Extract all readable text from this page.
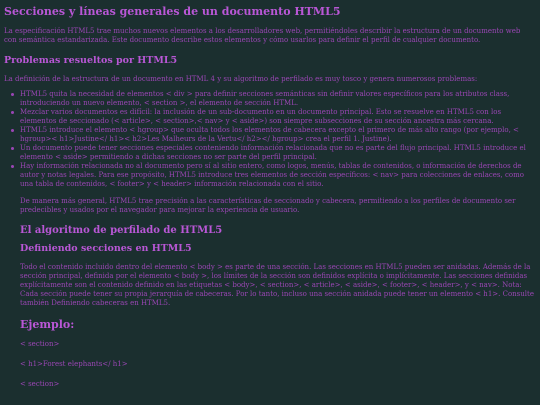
Secciones y líneas generales de un documento HTML5

La especificación HTML5 trae muchos nuevos elementos a los desarrolladores web, permitiéndoles describir la estructura de un documento web con semántica estandarizada. Este documento describe estos elementos y cómo usarlos para definir el perfil de cualquier documento.

Problemas resueltos por HTML5

La definición de la estructura de un documento en HTML 4 y su algoritmo de perfilado es muy tosco y genera numerosos problemas:

HTML5 quita la necesidad de elementos < div > para definir secciones semánticas sin definir valores específicos para los atributos class, introduciendo un nuevo elemento, < section >, el elemento de sección HTML.
Mezclar varios documentos es difícil: la inclusión de un sub-documento en un documento principal. Esto se resuelve en HTML5 con los elementos de seccionado (< article>, < section>,< nav> y < aside>) son siempre subsecciones de su sección ancestra más cercana.
HTML5 introduce el elemento < hgroup> que oculta todos los elementos de cabecera excepto el primero de más alto rango (por ejemplo, < hgroup>< h1>Justine</ h1>< h2>Les Malheurs de la Vertu</ h2></ hgroup> crea el perfil 1. Justine).
Un documento puede tener secciones especiales conteniendo información relacionada que no es parte del flujo principal. HTML5 introduce el elemento < aside> permitiendo a dichas secciones no ser parte del perfil principal.
Hay información relacionada no al documento pero sí al sitio entero, como logos, menús, tablas de contenidos, o información de derechos de autor y notas legales. Para ese propósito, HTML5 introduce tres elementos de sección específicos: < nav> para colecciones de enlaces, como una tabla de contenidos, < footer> y < header> información relacionada con el sitio.

De manera más general, HTML5 trae precisión a las características de seccionado y cabecera, permitiendo a los perfiles de documento ser predecibles y usados por el navegador para mejorar la experiencia de usuario.

El algoritmo de perfilado de HTML5
Definiendo secciones en HTML5

Todo el contenido incluido dentro del elemento < body > es parte de una sección. Las secciones en HTML5 pueden ser anidadas. Además de la sección principal, definida por el elemento < body >, los límites de la sección son definidos explícita o implícitamente. Las secciones definidas explícitamente son el contenido definido en las etiquetas < body>, < section>, < article>, < aside>, < footer>, < header>, y < nav>. Nota: Cada sección puede tener su propia jerarquía de cabeceras. Por lo tanto, incluso una sección anidada puede tener un elemento < h1>. Consulte también Definiendo cabeceras en HTML5.

Ejemplo:

< section>

< h1>Forest elephants</ h1>

< section>
